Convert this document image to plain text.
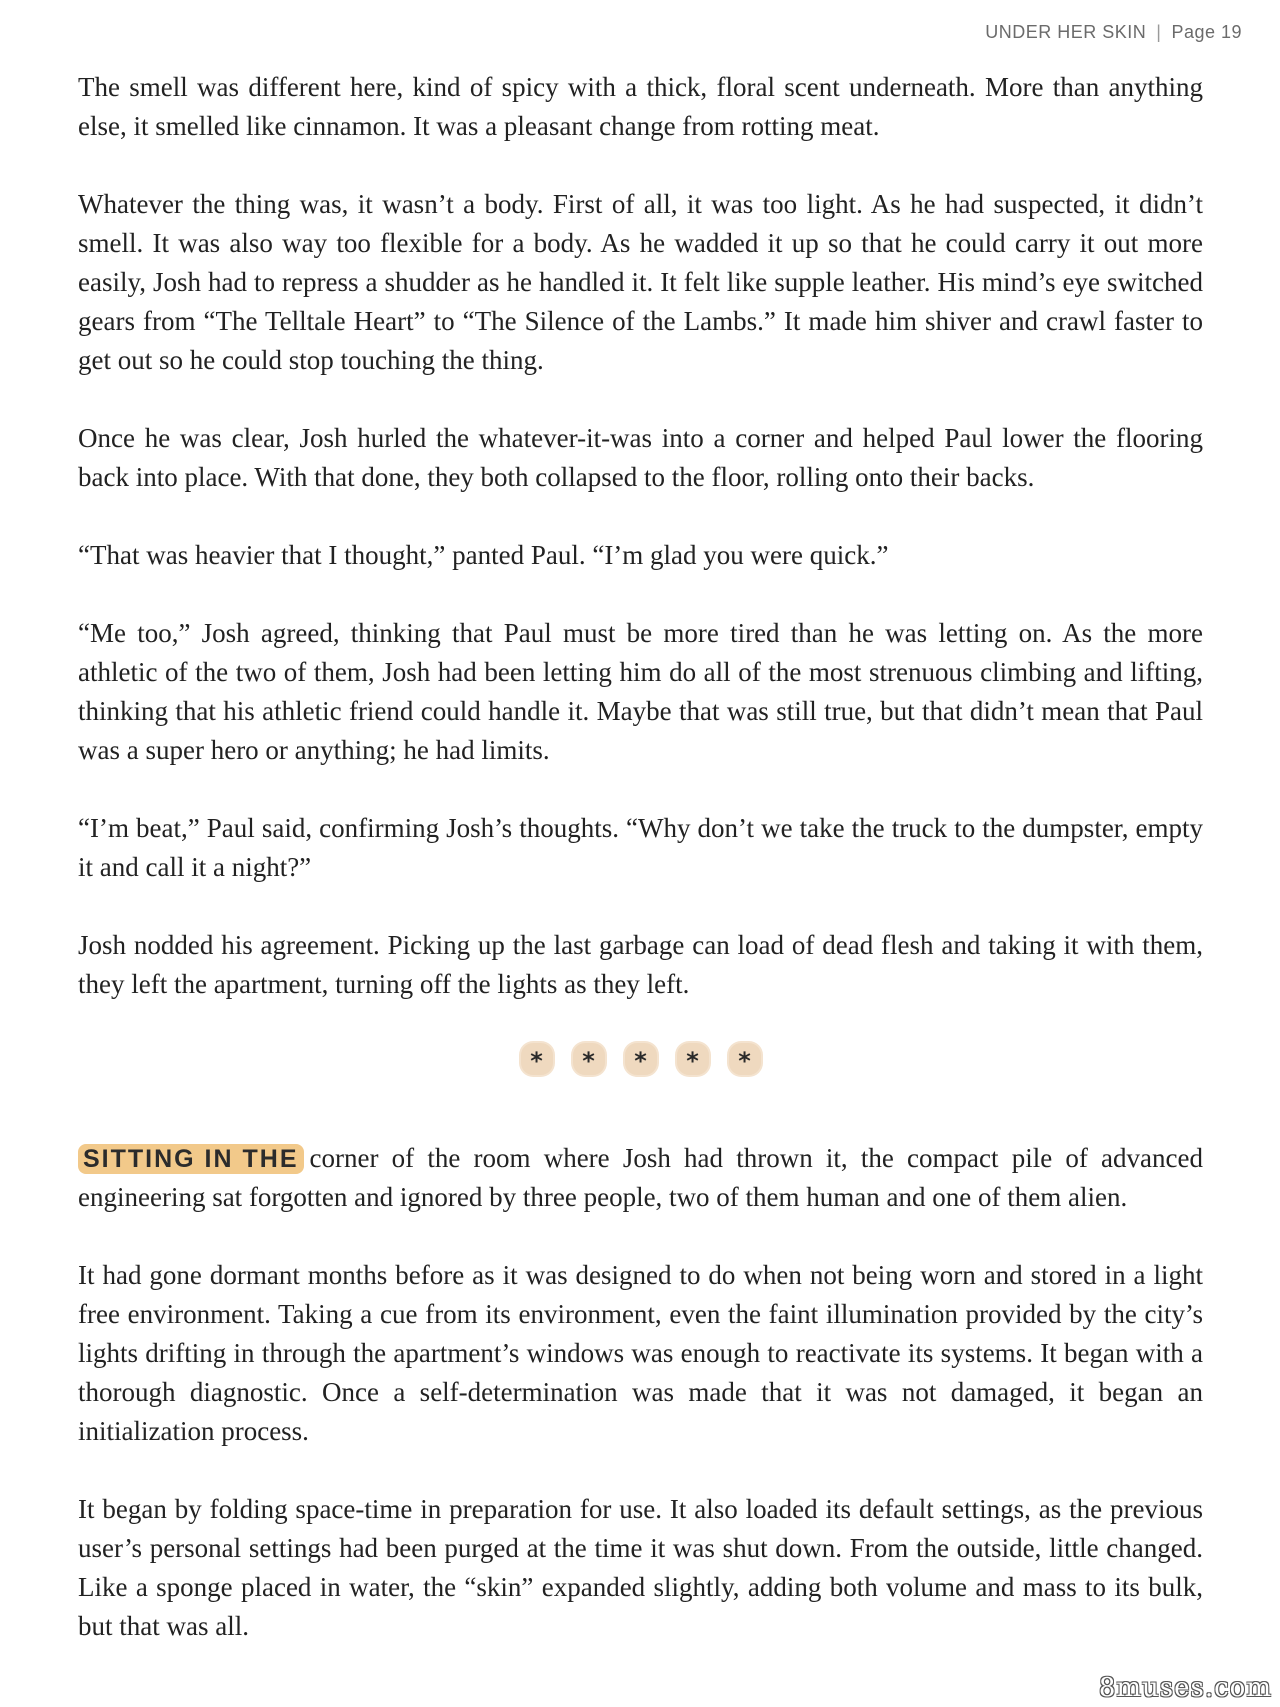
UNDER HER SKIN | Page 19

The smell was different here, kind of spicy with a thick, floral scent underneath. More than anything else, it smelled like cinnamon. It was a pleasant change from rotting meat.

Whatever the thing was, it wasn’t a body. First of all, it was too light. As he had suspected, it didn’t smell. It was also way too flexible for a body. As he wadded it up so that he could carry it out more easily, Josh had to repress a shudder as he handled it. It felt like supple leather. His mind’s eye switched gears from “The Telltale Heart” to “The Silence of the Lambs.” It made him shiver and crawl faster to get out so he could stop touching the thing.

Once he was clear, Josh hurled the whatever-it-was into a corner and helped Paul lower the flooring back into place. With that done, they both collapsed to the floor, rolling onto their backs.

“That was heavier that I thought,” panted Paul. “I’m glad you were quick.”

“Me too,” Josh agreed, thinking that Paul must be more tired than he was letting on. As the more athletic of the two of them, Josh had been letting him do all of the most strenuous climbing and lifting, thinking that his athletic friend could handle it. Maybe that was still true, but that didn’t mean that Paul was a super hero or anything; he had limits.

“I’m beat,” Paul said, confirming Josh’s thoughts. “Why don’t we take the truck to the dumpster, empty it and call it a night?”

Josh nodded his agreement. Picking up the last garbage can load of dead flesh and taking it with them, they left the apartment, turning off the lights as they left.

* * * * *

SITTING IN THE corner of the room where Josh had thrown it, the compact pile of advanced engineering sat forgotten and ignored by three people, two of them human and one of them alien.

It had gone dormant months before as it was designed to do when not being worn and stored in a light free environment. Taking a cue from its environment, even the faint illumination provided by the city’s lights drifting in through the apartment’s windows was enough to reactivate its systems. It began with a thorough diagnostic. Once a self-determination was made that it was not damaged, it began an initialization process.

It began by folding space-time in preparation for use. It also loaded its default settings, as the previous user’s personal settings had been purged at the time it was shut down. From the outside, little changed. Like a sponge placed in water, the “skin” expanded slightly, adding both volume and mass to its bulk, but that was all.

8muses.com
